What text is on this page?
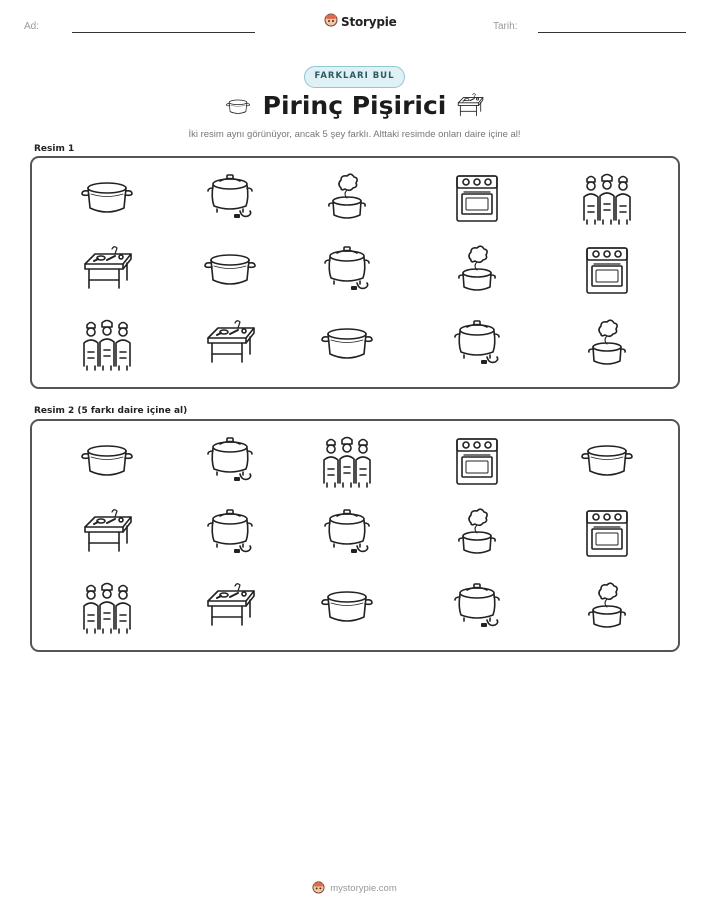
Ad:	Storypie	Tarih:
FARKLARI BUL
Pirinç Pişirici
İki resim aynı görünüyor, ancak 5 şey farklı. Alttaki resimde onları daire içine al!
Resim 1
Resim 2 (5 farkı daire içine al)
mystorypie.com
